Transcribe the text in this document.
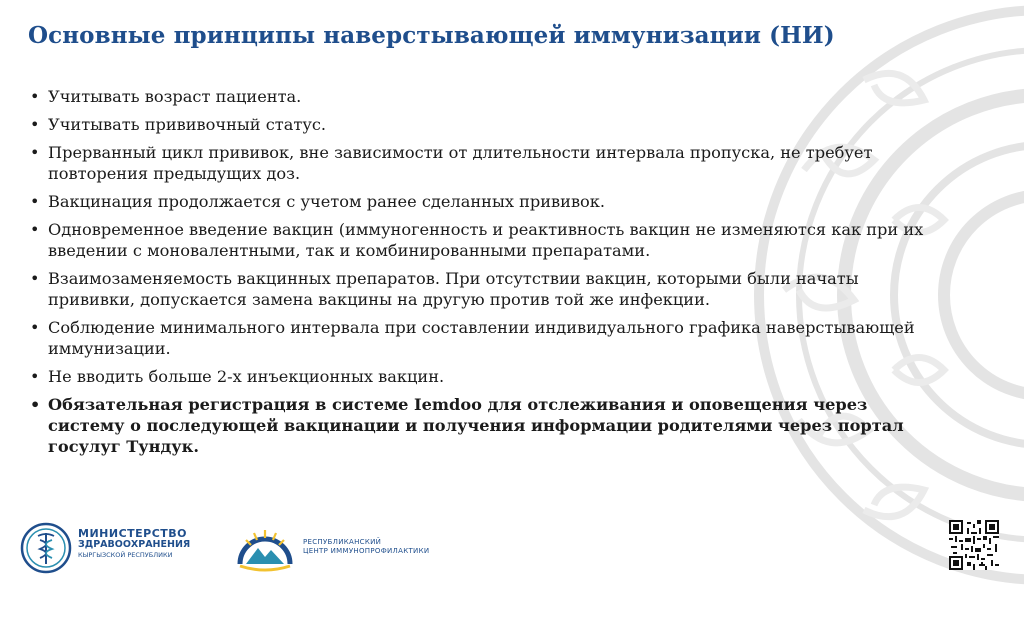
Основные принципы наверстывающей иммунизации (НИ)
• Учитывать возраст пациента.
• Учитывать прививочный статус.
• Прерванный цикл прививок, вне зависимости от длительности интервала пропуска, не требует повторения предыдущих доз.
• Вакцинация продолжается с учетом ранее сделанных прививок.
• Одновременное введение вакцин (иммуногенность и реактивность вакцин не изменяются как при их введении с моновалентными, так и комбинированными препаратами.
• Взаимозаменяемость вакцинных препаратов. При отсутствии вакцин, которыми были начаты прививки, допускается замена вакцины на другую против той же инфекции.
• Соблюдение минимального интервала при составлении индивидуального графика наверстывающей иммунизации.
• Не вводить больше 2-х инъекционных вакцин.
• Обязательная регистрация в системе Iemdoo для отслеживания и оповещения через систему о последующей вакцинации и получения информации родителями через портал госулуг Тундук.
МИНИСТЕРСТВО
ЗДРАВООХРАНЕНИЯ
КЫРГЫЗСКОЙ РЕСПУБЛИКИ
РЕСПУБЛИКАНСКИЙ
ЦЕНТР ИММУНОПРОФИЛАКТИКИ
